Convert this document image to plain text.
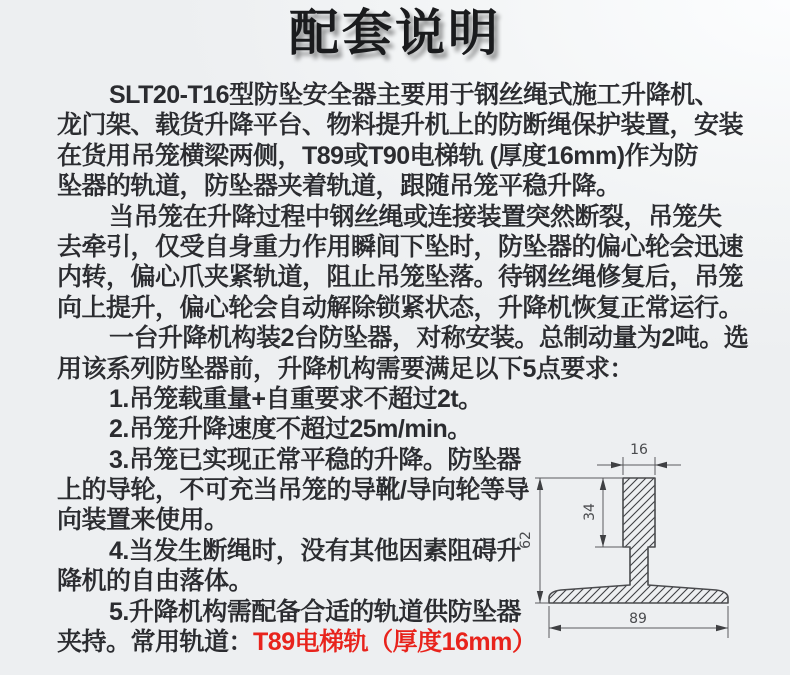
配套说明
SLT20-T16型防坠安全器主要用于钢丝绳式施工升降机、
龙门架、载货升降平台、物料提升机上的防断绳保护装置，安装
在货用吊笼横梁两侧，T89或T90电梯轨 (厚度16mm)作为防
坠器的轨道，防坠器夹着轨道，跟随吊笼平稳升降。
当吊笼在升降过程中钢丝绳或连接装置突然断裂，吊笼失
去牵引，仅受自身重力作用瞬间下坠时，防坠器的偏心轮会迅速
内转，偏心爪夹紧轨道，阻止吊笼坠落。待钢丝绳修复后，吊笼
向上提升，偏心轮会自动解除锁紧状态，升降机恢复正常运行。
一台升降机构装2台防坠器，对称安装。总制动量为2吨。选
用该系列防坠器前，升降机构需要满足以下5点要求：
1.吊笼载重量+自重要求不超过2t。
2.吊笼升降速度不超过25m/min。
3.吊笼已实现正常平稳的升降。防坠器
上的导轮，不可充当吊笼的导靴/导向轮等导
向装置来使用。
4.当发生断绳时，没有其他因素阻碍升
降机的自由落体。
5.升降机构需配备合适的轨道供防坠器
夹持。常用轨道：T89电梯轨（厚度16mm）
16
34
62
89
